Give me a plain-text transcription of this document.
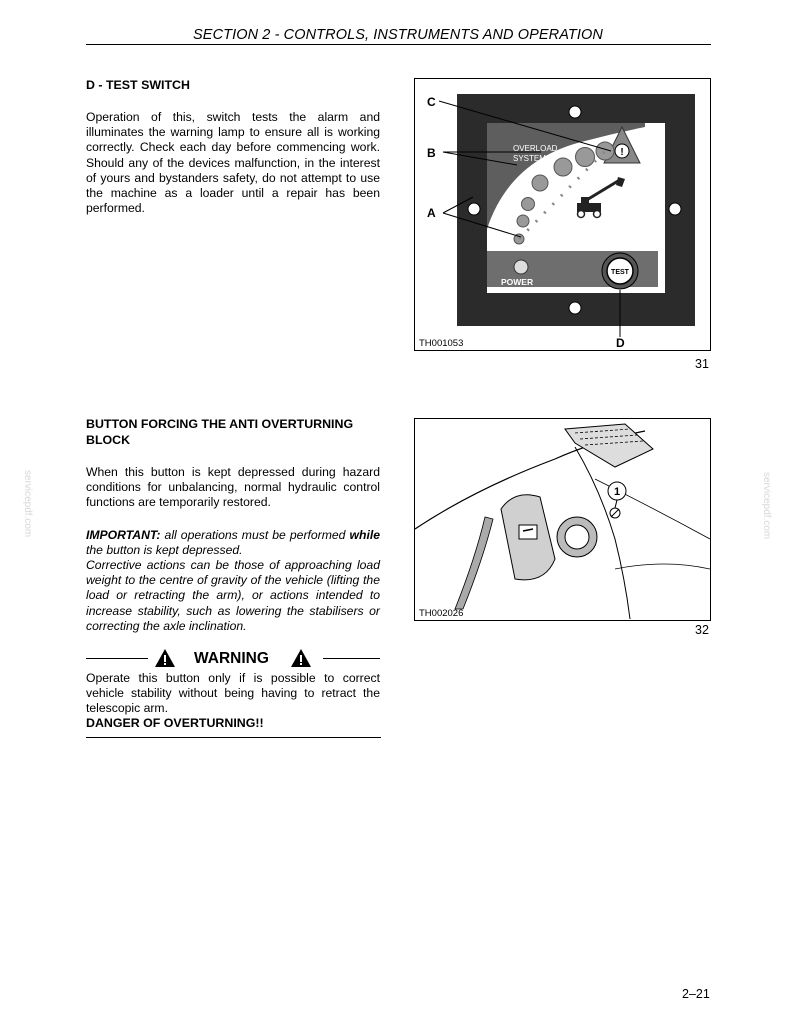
SECTION 2 - CONTROLS, INSTRUMENTS AND OPERATION
D - TEST SWITCH
Operation of this, switch tests the alarm and illuminates the warning lamp to ensure all is working correctly. Check each day before commencing work. Should any of the devices malfunction, in the interest of yours and bystanders safety, do not attempt to use the machine as a loader until a repair has been performed.
!
OVERLOAD
SYSTEM
POWER
TEST
C
B
A
D
TH001053
31
BUTTON FORCING THE ANTI OVERTURNING BLOCK
When this button is kept depressed during hazard conditions for unbalancing, normal hydraulic control functions are temporarily restored.
IMPORTANT: all operations must be performed while the button is kept depressed.
Corrective actions can be those of approaching load weight to the centre of gravity of the vehicle (lifting the load or retracting the arm), or actions intended to increase stability, such as lowering the stabilisers or correcting the axle inclination.
1
TH002026
32
WARNING
Operate this button only if is possible to correct vehicle stability without being having to retract the telescopic arm.
DANGER OF OVERTURNING!!
servicepdf.com	servicepdf.com
2–21
